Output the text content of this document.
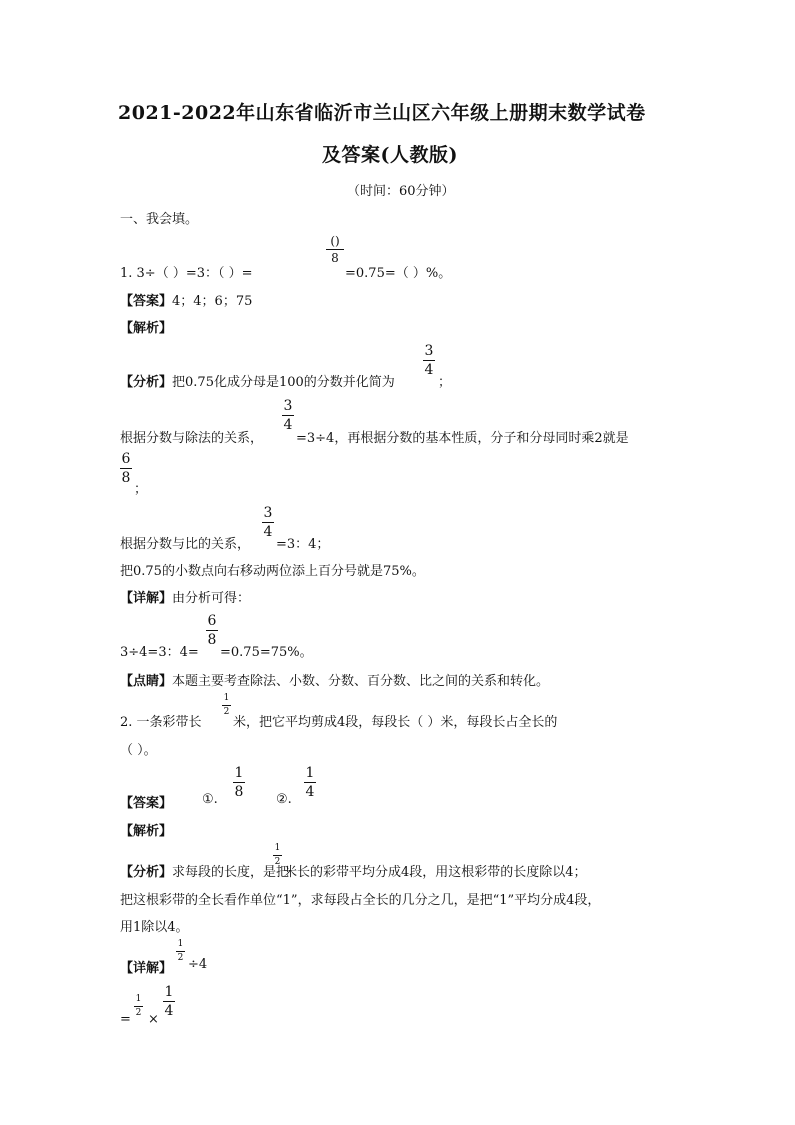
2021-2022年山东省临沂市兰山区六年级上册期末数学试卷
及答案(人教版)
（时间：60分钟）
一、我会填。
1. 3÷（ ）=3：（ ）=
()
8
=0.75=（ ）%。
【答案】4；4；6；75
【解析】
【分析】把0.75化成分母是100的分数并化简为
3
4
；
根据分数与除法的关系，
3
4
=3÷4，再根据分数的基本性质，分子和分母同时乘2就是
6
8
；
根据分数与比的关系，
3
4
=3：4；
把0.75的小数点向右移动两位添上百分号就是75%。
【详解】由分析可得：
3÷4=3：4=
6
8
=0.75=75%。
【点睛】本题主要考查除法、小数、分数、百分数、比之间的关系和转化。
2. 一条彩带长
1
2
米，把它平均剪成4段，每段长（ ）米，每段长占全长的
（ ）。
【答案】 ①.
1
8	②.
1
4
【解析】
【分析】求每段的长度，是把
1
2
米长的彩带平均分成4段，用这根彩带的长度除以4；
把这根彩带的全长看作单位“1”，求每段占全长的几分之几，是把“1”平均分成4段，
用1除以4。
【详解】
1
2 ÷4
=
1
2 ×
1
4
